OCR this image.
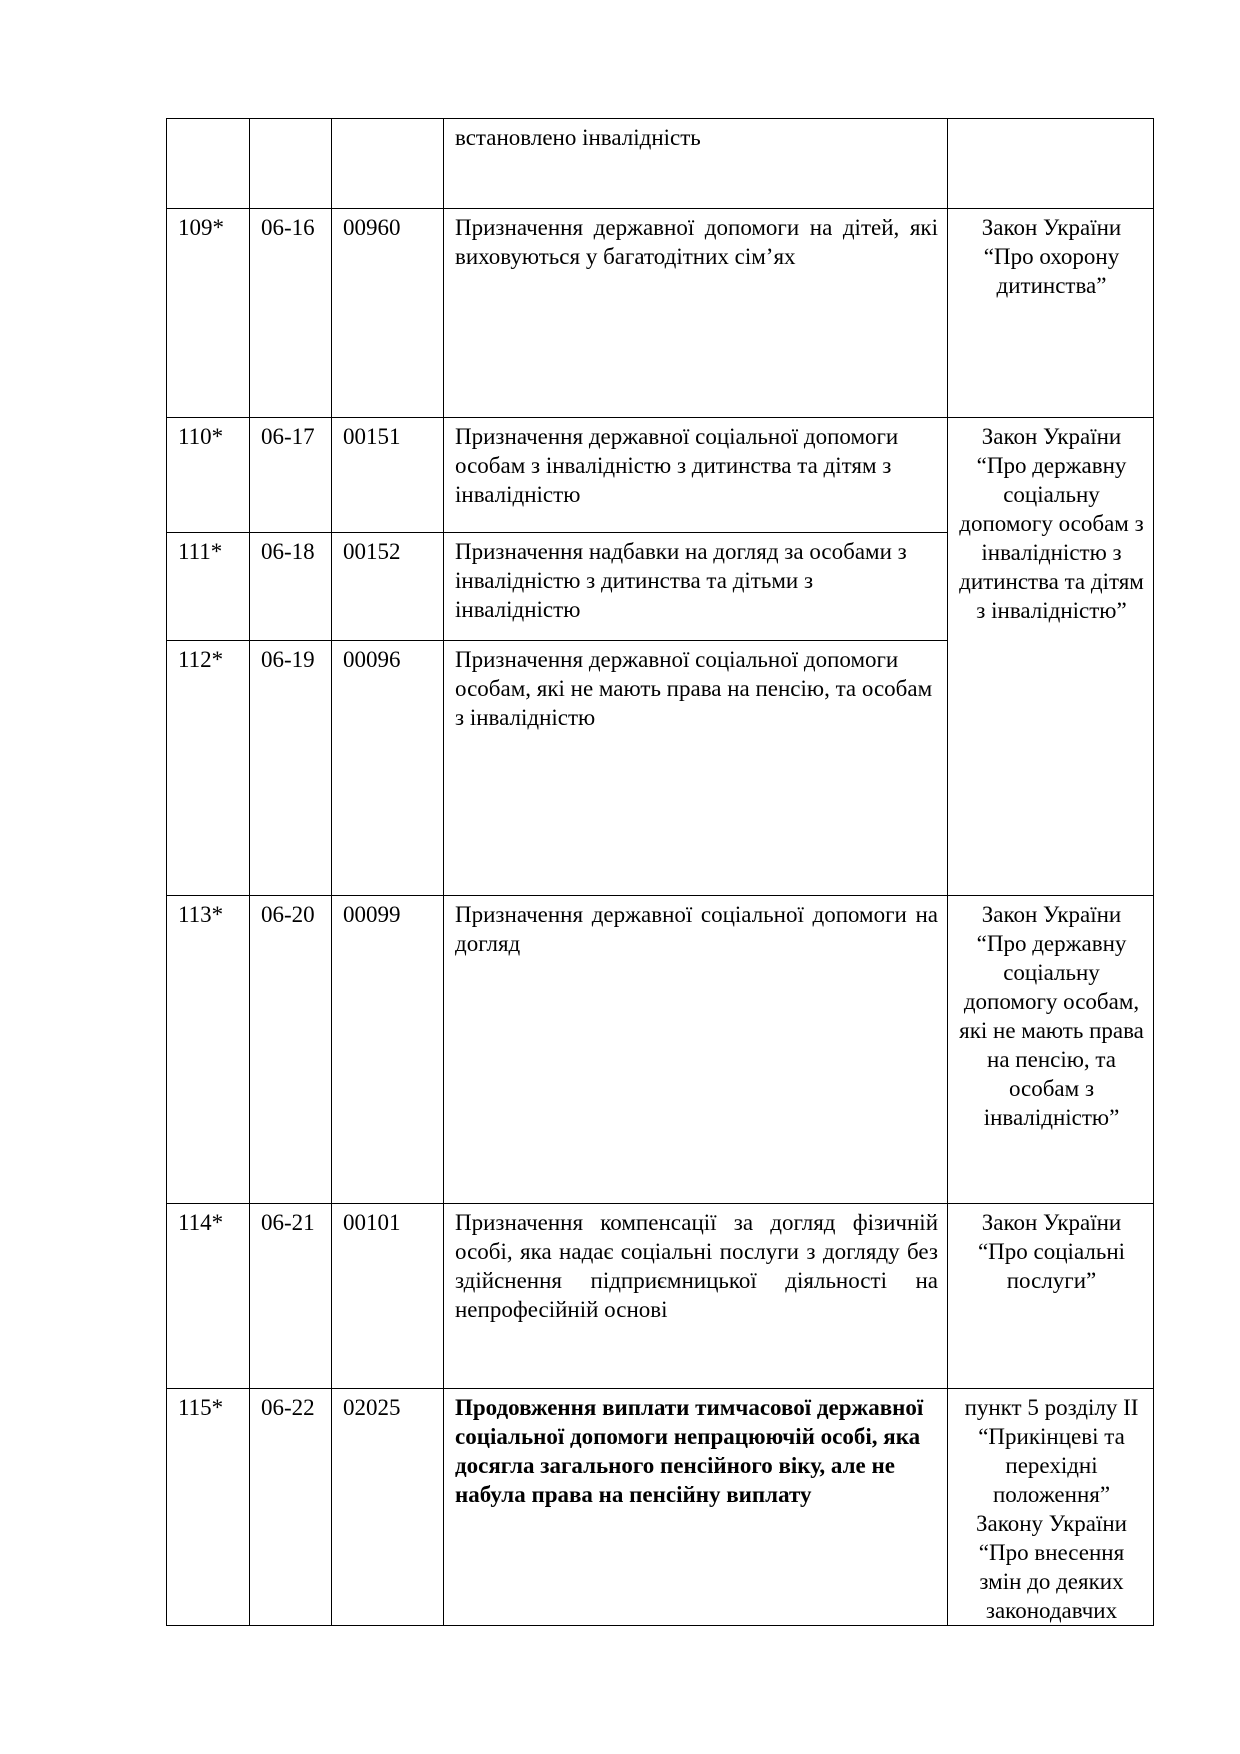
			встановлено інвалідність	
109*	06-16	00960	Призначення державної допомоги на дітей, які виховуються у багатодітних сім’ях	Закон України “Про охорону дитинства”
110*	06-17	00151	Призначення державної соціальної допомоги особам з інвалідністю з дитинства та дітям з інвалідністю	Закон України “Про державну соціальну допомогу особам з інвалідністю з дитинства та дітям з інвалідністю”
111*	06-18	00152	Призначення надбавки на догляд за особами з інвалідністю з дитинства та дітьми з інвалідністю	
112*	06-19	00096	Призначення державної соціальної допомоги особам, які не мають права на пенсію, та особам з інвалідністю	
113*	06-20	00099	Призначення державної соціальної допомоги на догляд	Закон України “Про державну соціальну допомогу особам, які не мають права на пенсію, та особам з інвалідністю”
114*	06-21	00101	Призначення компенсації за догляд фізичній особі, яка надає соціальні послуги з догляду без здійснення підприємницької діяльності на непрофесійній основі	Закон України “Про соціальні послуги”
115*	06-22	02025	Продовження виплати тимчасової державної соціальної допомоги непрацюючій особі, яка досягла загального пенсійного віку, але не набула права на пенсійну виплату	пункт 5 розділу II “Прикінцеві та перехідні положення” Закону України “Про внесення змін до деяких законодавчих
